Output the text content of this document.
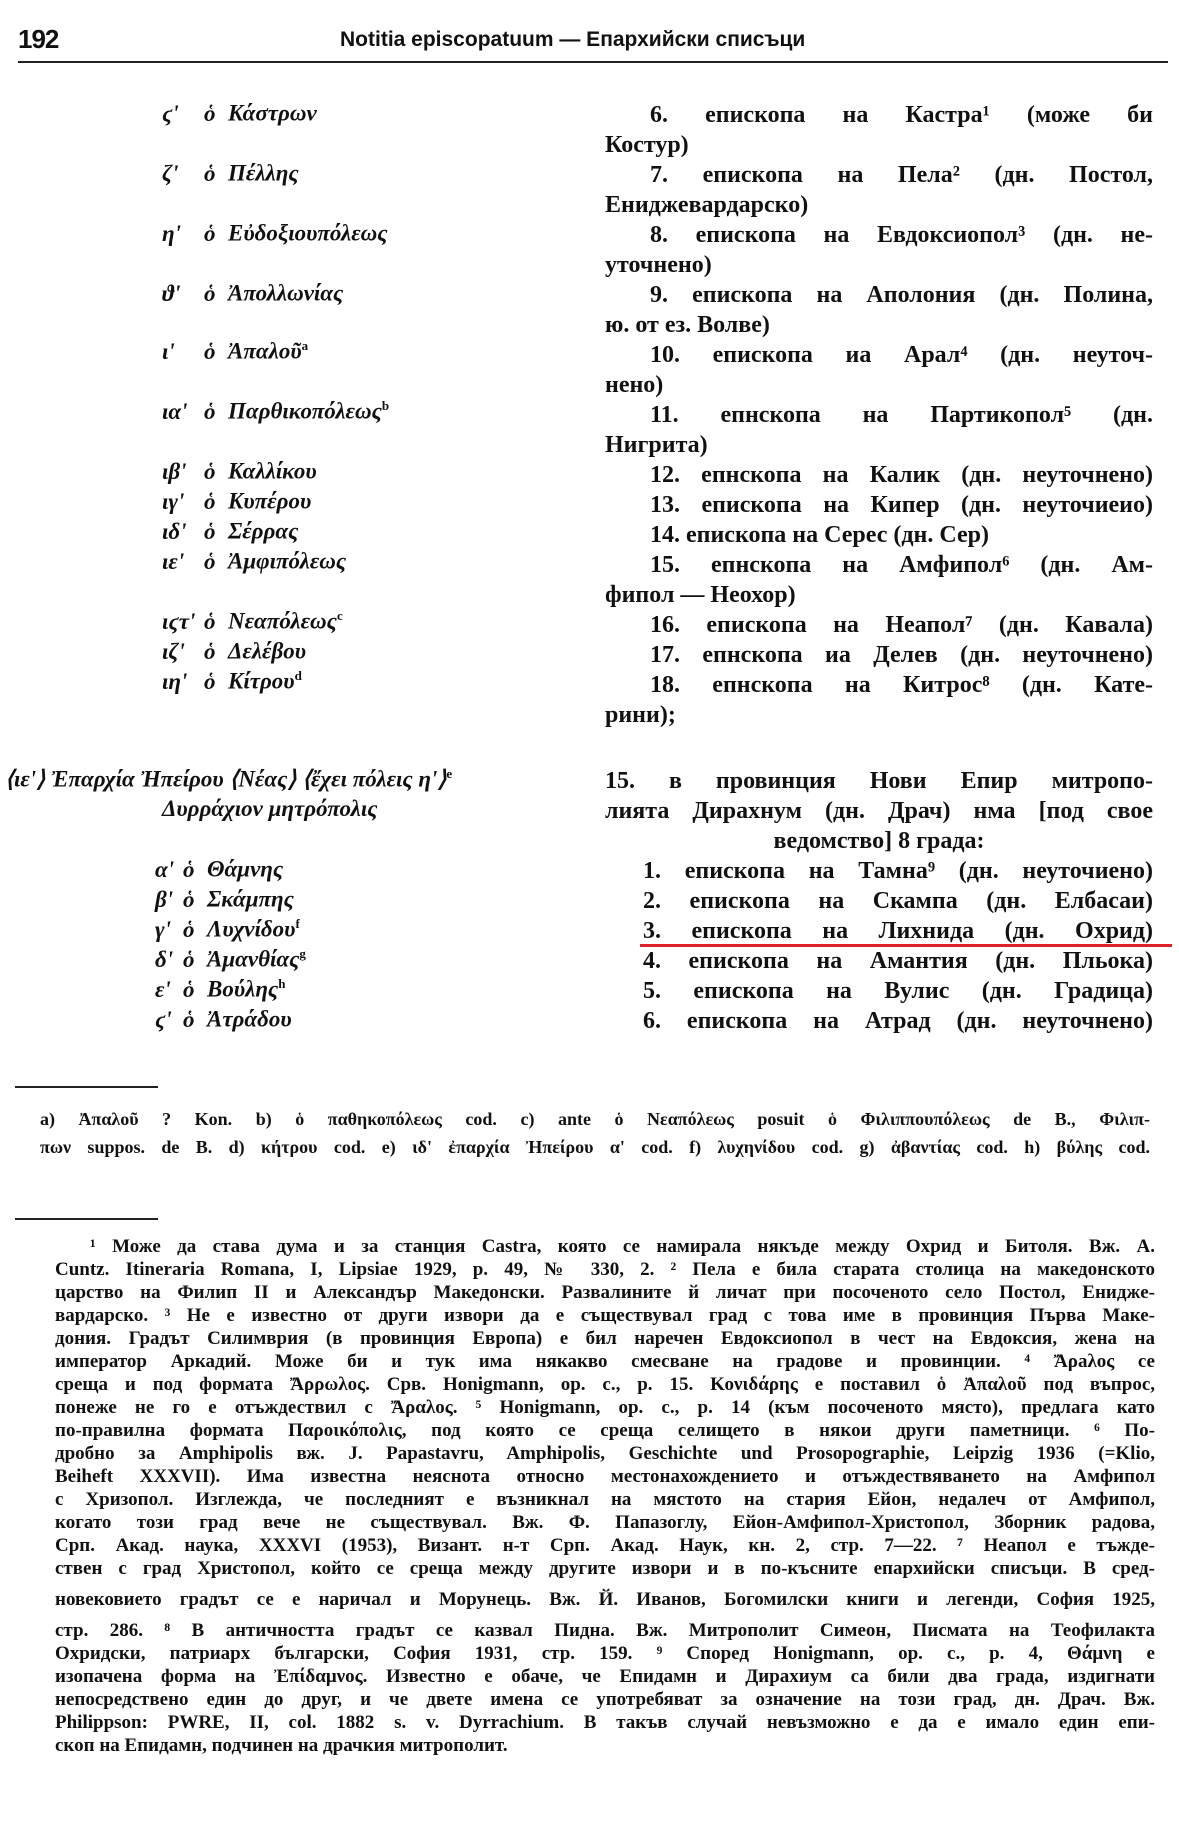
192	Notitia episcopatuum — Епархийски списъци
ϛ' ὁ Κάστρων
ζ' ὁ Πέλλης
η' ὁ Εὐδοξιουπόλεως
ϑ' ὁ Ἀπολλωνίας
ι' ὁ Ἀπαλοῦ$^a$
ια' ὁ Παρθικοπόλεως$^b$
ιβ' ὁ Καλλίκου
ιγ' ὁ Κυπέρου
ιδ' ὁ Σέρρας
ιε' ὁ Ἀμφιπόλεως
ιϛτ' ὁ Νεαπόλεως$^c$
ιζ' ὁ Δελέβου
ιη' ὁ Κίτρου$^d$
6. епископа на Кастра¹ (може би
Костур)
7. епископа на Пела² (дн. Постол,
Eниджевардарско)
8. епископа на Евдоксиопол³ (дн. не-
уточнено)
9. епископа на Аполония (дн. Полина,
ю. от ез. Волве)
10. епископа иа Арал⁴ (дн. неуточ-
нено)
11. епнскопа на Партикопол⁵ (дн.
Нигрита)
12. епнскопа на Калик (дн. неуточнено)
13. епископа на Кипер (дн. неуточиеио)
14. епископа на Серес (дн. Сер)
15. епнскопа на Амфипол⁶ (дн. Ам-
фипол — Неохор)
16. епископа на Неапол⁷ (дн. Кавала)
17. епнскопа иа Делев (дн. неуточнено)
18. епнскопа на Китрос⁸ (дн. Кате-
рини);
⟨ιε'⟩ Ἐπαρχία Ἠπείρου ⟨Νέας⟩ ⟨ἔχει πόλεις η'⟩$^e$
Δυρράχιον μητρόπολις
15. в провинция Нови Епир митропо-
лията Дирахнум (дн. Драч) нма [под свое
ведомство] 8 града:
α' ὁ Θάμνης
β' ὁ Σκάμπης
γ' ὁ Λυχνίδου$^f$
δ' ὁ Ἀμανθίας$^g$
ε' ὁ Βούλης$^h$
ϛ' ὁ Ἀτράδου
1. епископа на Тамна⁹ (дн. неуточиено)
2. епископа на Скампа (дн. Елбасаи)
3. епископа на Лихнида (дн. Охрид)
4. епископа на Амантия (дн. Пльока)
5. епископа на Вулис (дн. Градица)
6. епископа на Атрад (дн. неуточнено)
a) Ἀπαλοῦ ? Kon. b) ὁ παθηκοπόλεως cod. c) ante ὁ Νεαπόλεως posuit ὁ Φιλιππουπόλεως de B., Φιλιπ-
πων suppos. de B. d) κήτρου cod. e) ιδ' ἐπαρχία Ἠπείρου α' cod. f) λυχηνίδου cod. g) ἀβαντίας cod. h) βύλης cod.
¹ Може да става дума и за станция Castra, която се намирала някъде между Охрид и Битоля. Вж. A.
Cuntz. Itineraria Romana, I, Lipsiae 1929, p. 49, № 330, 2. ² Пела е била старата столица на македонското
царство на Филип II и Александър Македонски. Развалините й личат при посоченото село Постол, Ениджe-
вардарско. ³ Не е известно от други извори да е съществувал град с това име в провинция Първа Маке-
дония. Градът Силимврия (в провинция Европа) е бил наречен Евдоксиопол в чест на Евдоксия, жена на
император Аркадий. Може би и тук има някакво смесване на градове и провинции. ⁴ Ἄρaλος се
среща и под формата Ἄρρωλος. Срв. Honigmann, op. c., p. 15. Κονιδάρης е поставил ὁ Ἀπαλοῦ под въпрос,
понеже не го е отъждествил с Ἄραλος. ⁵ Honigmann, op. c., p. 14 (към посоченото място), предлага като
по-правилна формата Παροικόπολις, под която се среща селището в някои други паметници. ⁶ По-
дробно за Amphipolis вж. J. Papastavru, Amphipolis, Geschichte und Prosopographie, Leipzig 1936 (=Klio,
Beiheft XXXVII). Има известна неяснота относно местонахождението и отъждествяването на Амфипол
с Хризопол. Изглежда, че последният е възникнал на мястото на стария Ейон, недалеч от Амфипол,
когато този град вече не съществувал. Вж. Ф. Папазоглу, Ейон-Амфипол-Христопол, Зборник радова,
Срп. Акад. наука, XXXVI (1953), Визант. н-т Срп. Акад. Наук, кн. 2, стр. 7—22. ⁷ Неапол е тъжде-
ствен с град Христопол, който се среща между другите извори и в по-късните епархийски списъци. В сред-
новековието градът се е наричал и Морунець. Вж. Й. Иванов, Богомилски книги и легенди, София 1925,
стр. 286. ⁸ В античността градът се казвал Пидна. Вж. Митрополит Симеон, Писмата на Теофилакта
Охридски, патриарх български, София 1931, стр. 159. ⁹ Според Honigmann, op. c., p. 4, Θάμνη е
изопачена форма на Ἐπίδαμνος. Известно е обаче, че Епидамн и Дирахиум са били два града, издигнати
непосредствено един до друг, и че двете имена се употребяват за означение на този град, дн. Драч. Вж.
Philippson: PWRE, II, col. 1882 s. v. Dyrrachium. В такъв случай невъзможно е да е имало един епи-
скоп на Епидамн, подчинен на драчкия митрополит.
